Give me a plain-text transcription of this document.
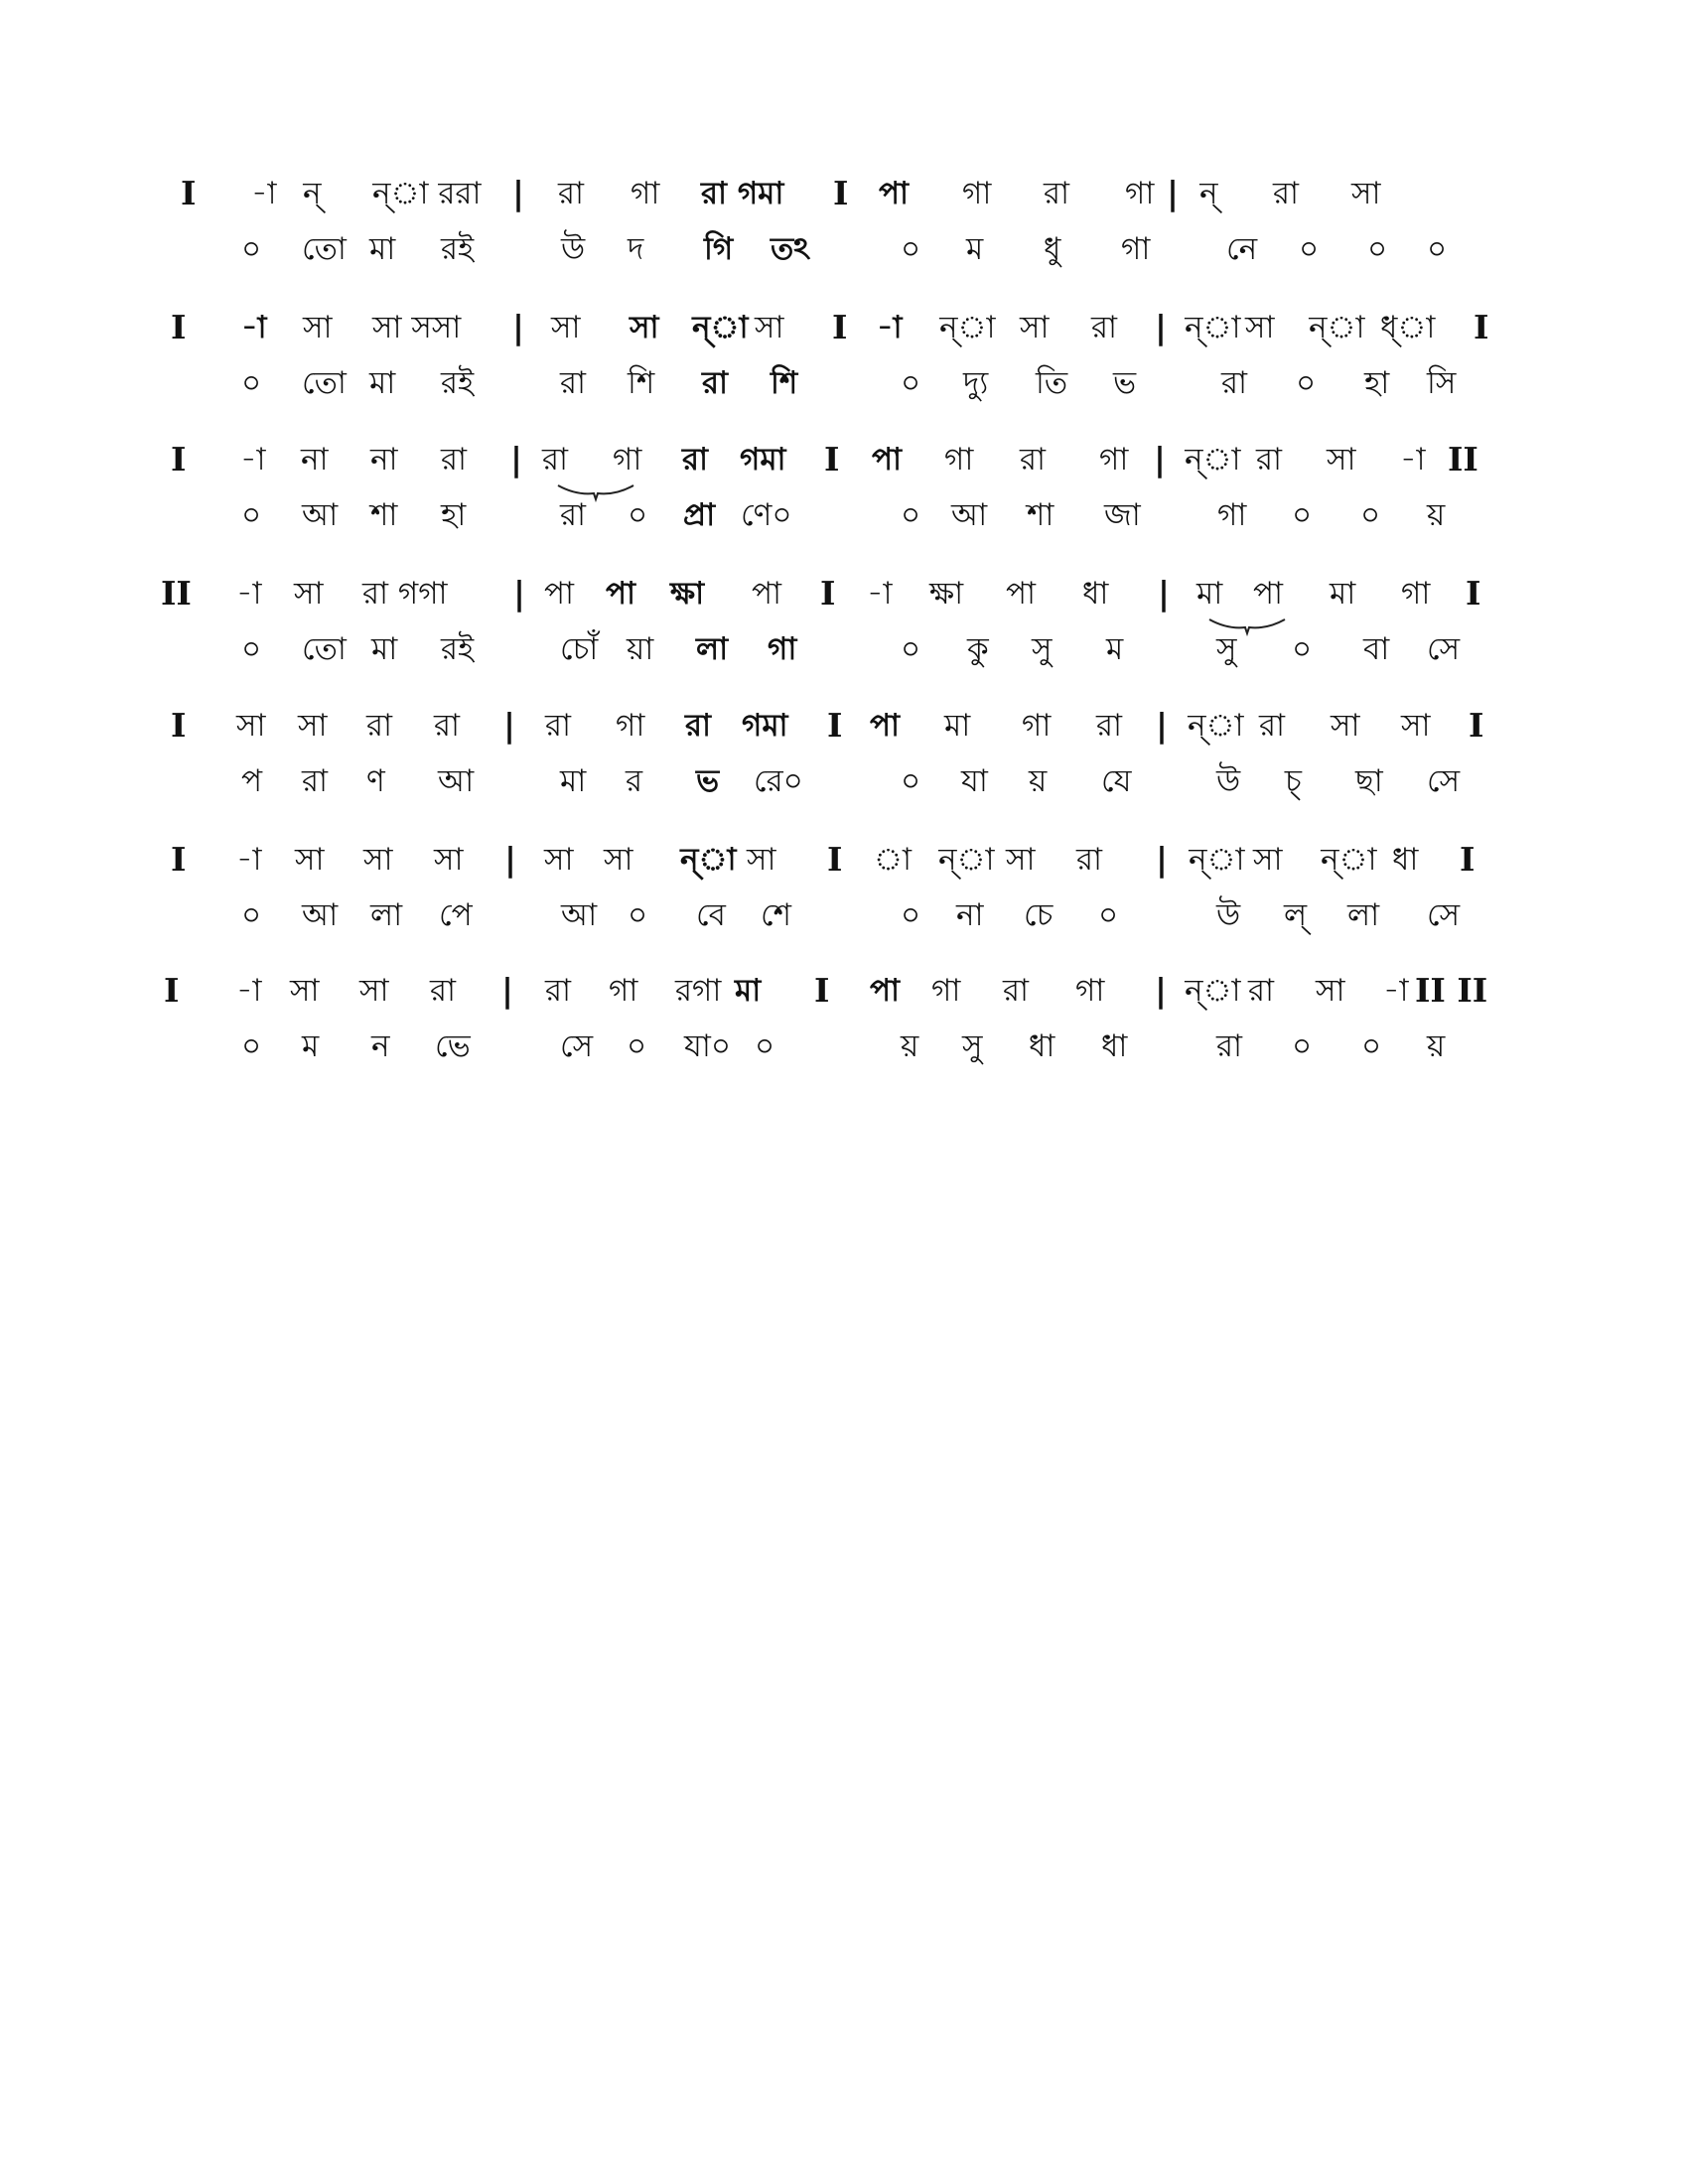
I -া ন্ ন্া ররা | রা গা রা গমা I পা গা রা গা | ন্ রা সা
০ তো মা রই	উ দ গি তঽ	০ ম ধু গা নে ০ ০ ০
I -া সা সা সসা | সা সা ন্া সা I -া ন্া সা রা | ন্া সা ন্া ধ্া I
০ তো মা রই	রা শি রা শি	০ দ্যু তি ভ	রা ০ হা সি
I -া না না রা | রা গা রা গমা I পা গা রা গা | ন্া রা সা -া II
০ আ শা হা	রা ০ প্রা ণে০	০ আ শা জা গা ০ ০ য়
II -া সা রা গগা | পা পা ক্ষা পা I -া ক্ষা পা ধা | মা পা মা গা I
০ তো মা রই	চোঁ য়া লা গা	০ কু সু ম	সু ০ বা সে
I সা সা রা রা | রা গা রা গমা I পা মা গা রা | ন্া রা সা সা I
প রা ণ আ	মা র ভ রে০	০ যা য় যে	উ চ্ ছা সে
I -া সা সা সা | সা সা ন্া সা I া ন্া সা রা | ন্া সা ন্া ধা I
০ আ লা পে	আ ০ বে শে	০ না চে ০	উ ল্ লা সে
I -া সা সা রা | রা গা রগা মা I পা গা রা গা | ন্া রা সা -া II II
০ ম ন ভে	সে ০ যা০ ০	য় সু ধা ধা	রা ০ ০ য়
